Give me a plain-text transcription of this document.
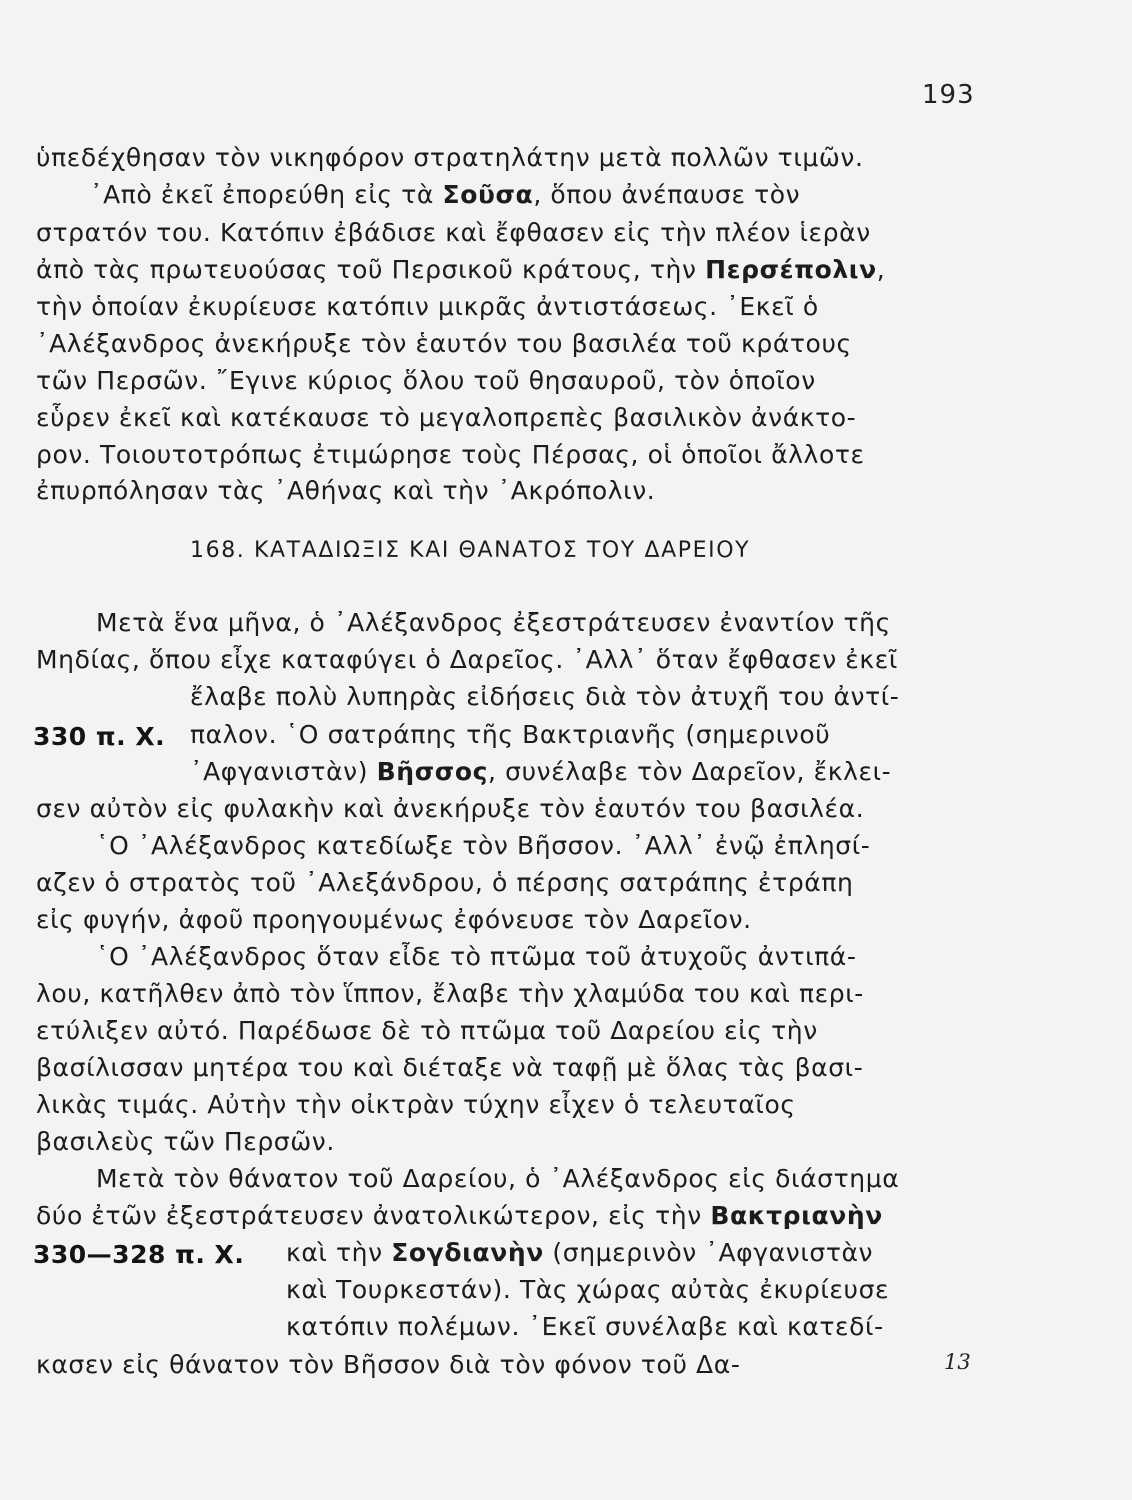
193
ὑπεδέχθησαν τὸν νικηφόρον στρατηλάτην μετὰ πολλῶν τιμῶν.
᾿Απὸ ἐκεῖ ἐπορεύθη εἰς τὰ Σοῦσα, ὅπου ἀνέπαυσε τὸν
στρατόν του. Κατόπιν ἐβάδισε καὶ ἔφθασεν εἰς τὴν πλέον ἱερὰν
ἀπὸ τὰς πρωτευούσας τοῦ Περσικοῦ κράτους, τὴν Περσέπολιν,
τὴν ὁποίαν ἐκυρίευσε κατόπιν μικρᾶς ἀντιστάσεως. ᾿Εκεῖ ὁ
᾿Αλέξανδρος ἀνεκήρυξε τὸν ἑαυτόν του βασιλέα τοῦ κράτους
τῶν Περσῶν. ῎Εγινε κύριος ὅλου τοῦ θησαυροῦ, τὸν ὁποῖον
εὗρεν ἐκεῖ καὶ κατέκαυσε τὸ μεγαλοπρεπὲς βασιλικὸν ἀνάκτο-
ρον. Τοιουτοτρόπως ἐτιμώρησε τοὺς Πέρσας, οἱ ὁποῖοι ἄλλοτε
ἐπυρπόλησαν τὰς ᾿Αθήνας καὶ τὴν ᾿Ακρόπολιν.
Μετὰ ἕνα μῆνα, ὁ ᾿Αλέξανδρος ἐξεστράτευσεν ἐναντίον τῆς
Μηδίας, ὅπου εἶχε καταφύγει ὁ Δαρεῖος. ᾿Αλλ᾿ ὅταν ἔφθασεν ἐκεῖ
ἔλαβε πολὺ λυπηρὰς εἰδήσεις διὰ τὸν ἀτυχῆ του ἀντί-
παλον. ῾Ο σατράπης τῆς Βακτριανῆς (σημερινοῦ
᾿Αφγανιστὰν) Βῆσσος, συνέλαβε τὸν Δαρεῖον, ἔκλει-
σεν αὐτὸν εἰς φυλακὴν καὶ ἀνεκήρυξε τὸν ἑαυτόν του βασιλέα.
῾Ο ᾿Αλέξανδρος κατεδίωξε τὸν Βῆσσον. ᾿Αλλ᾿ ἐνῷ ἐπλησί-
αζεν ὁ στρατὸς τοῦ ᾿Αλεξάνδρου, ὁ πέρσης σατράπης ἐτράπη
εἰς φυγήν, ἀφοῦ προηγουμένως ἐφόνευσε τὸν Δαρεῖον.
῾Ο ᾿Αλέξανδρος ὅταν εἶδε τὸ πτῶμα τοῦ ἀτυχοῦς ἀντιπά-
λου, κατῆλθεν ἀπὸ τὸν ἵππον, ἔλαβε τὴν χλαμύδα του καὶ περι-
ετύλιξεν αὐτό. Παρέδωσε δὲ τὸ πτῶμα τοῦ Δαρείου εἰς τὴν
βασίλισσαν μητέρα του καὶ διέταξε νὰ ταφῇ μὲ ὅλας τὰς βασι-
λικὰς τιμάς. Αὐτὴν τὴν οἰκτρὰν τύχην εἶχεν ὁ τελευταῖος
βασιλεὺς τῶν Περσῶν.
Μετὰ τὸν θάνατον τοῦ Δαρείου, ὁ ᾿Αλέξανδρος εἰς διάστημα
δύο ἐτῶν ἐξεστράτευσεν ἀνατολικώτερον, εἰς τὴν Βακτριανὴν
καὶ τὴν Σογδιανὴν (σημερινὸν ᾿Αφγανιστὰν
καὶ Τουρκεστάν). Τὰς χώρας αὐτὰς ἐκυρίευσε
κατόπιν πολέμων. ᾿Εκεῖ συνέλαβε καὶ κατεδί-
κασεν εἰς θάνατον τὸν Βῆσσον διὰ τὸν φόνον τοῦ Δα-
168. ΚΑΤΑΔΙΩΞΙΣ ΚΑΙ ΘΑΝΑΤΟΣ ΤΟΥ ΔΑΡΕΙΟΥ
330 π. Χ.
330—328 π. Χ.
13
